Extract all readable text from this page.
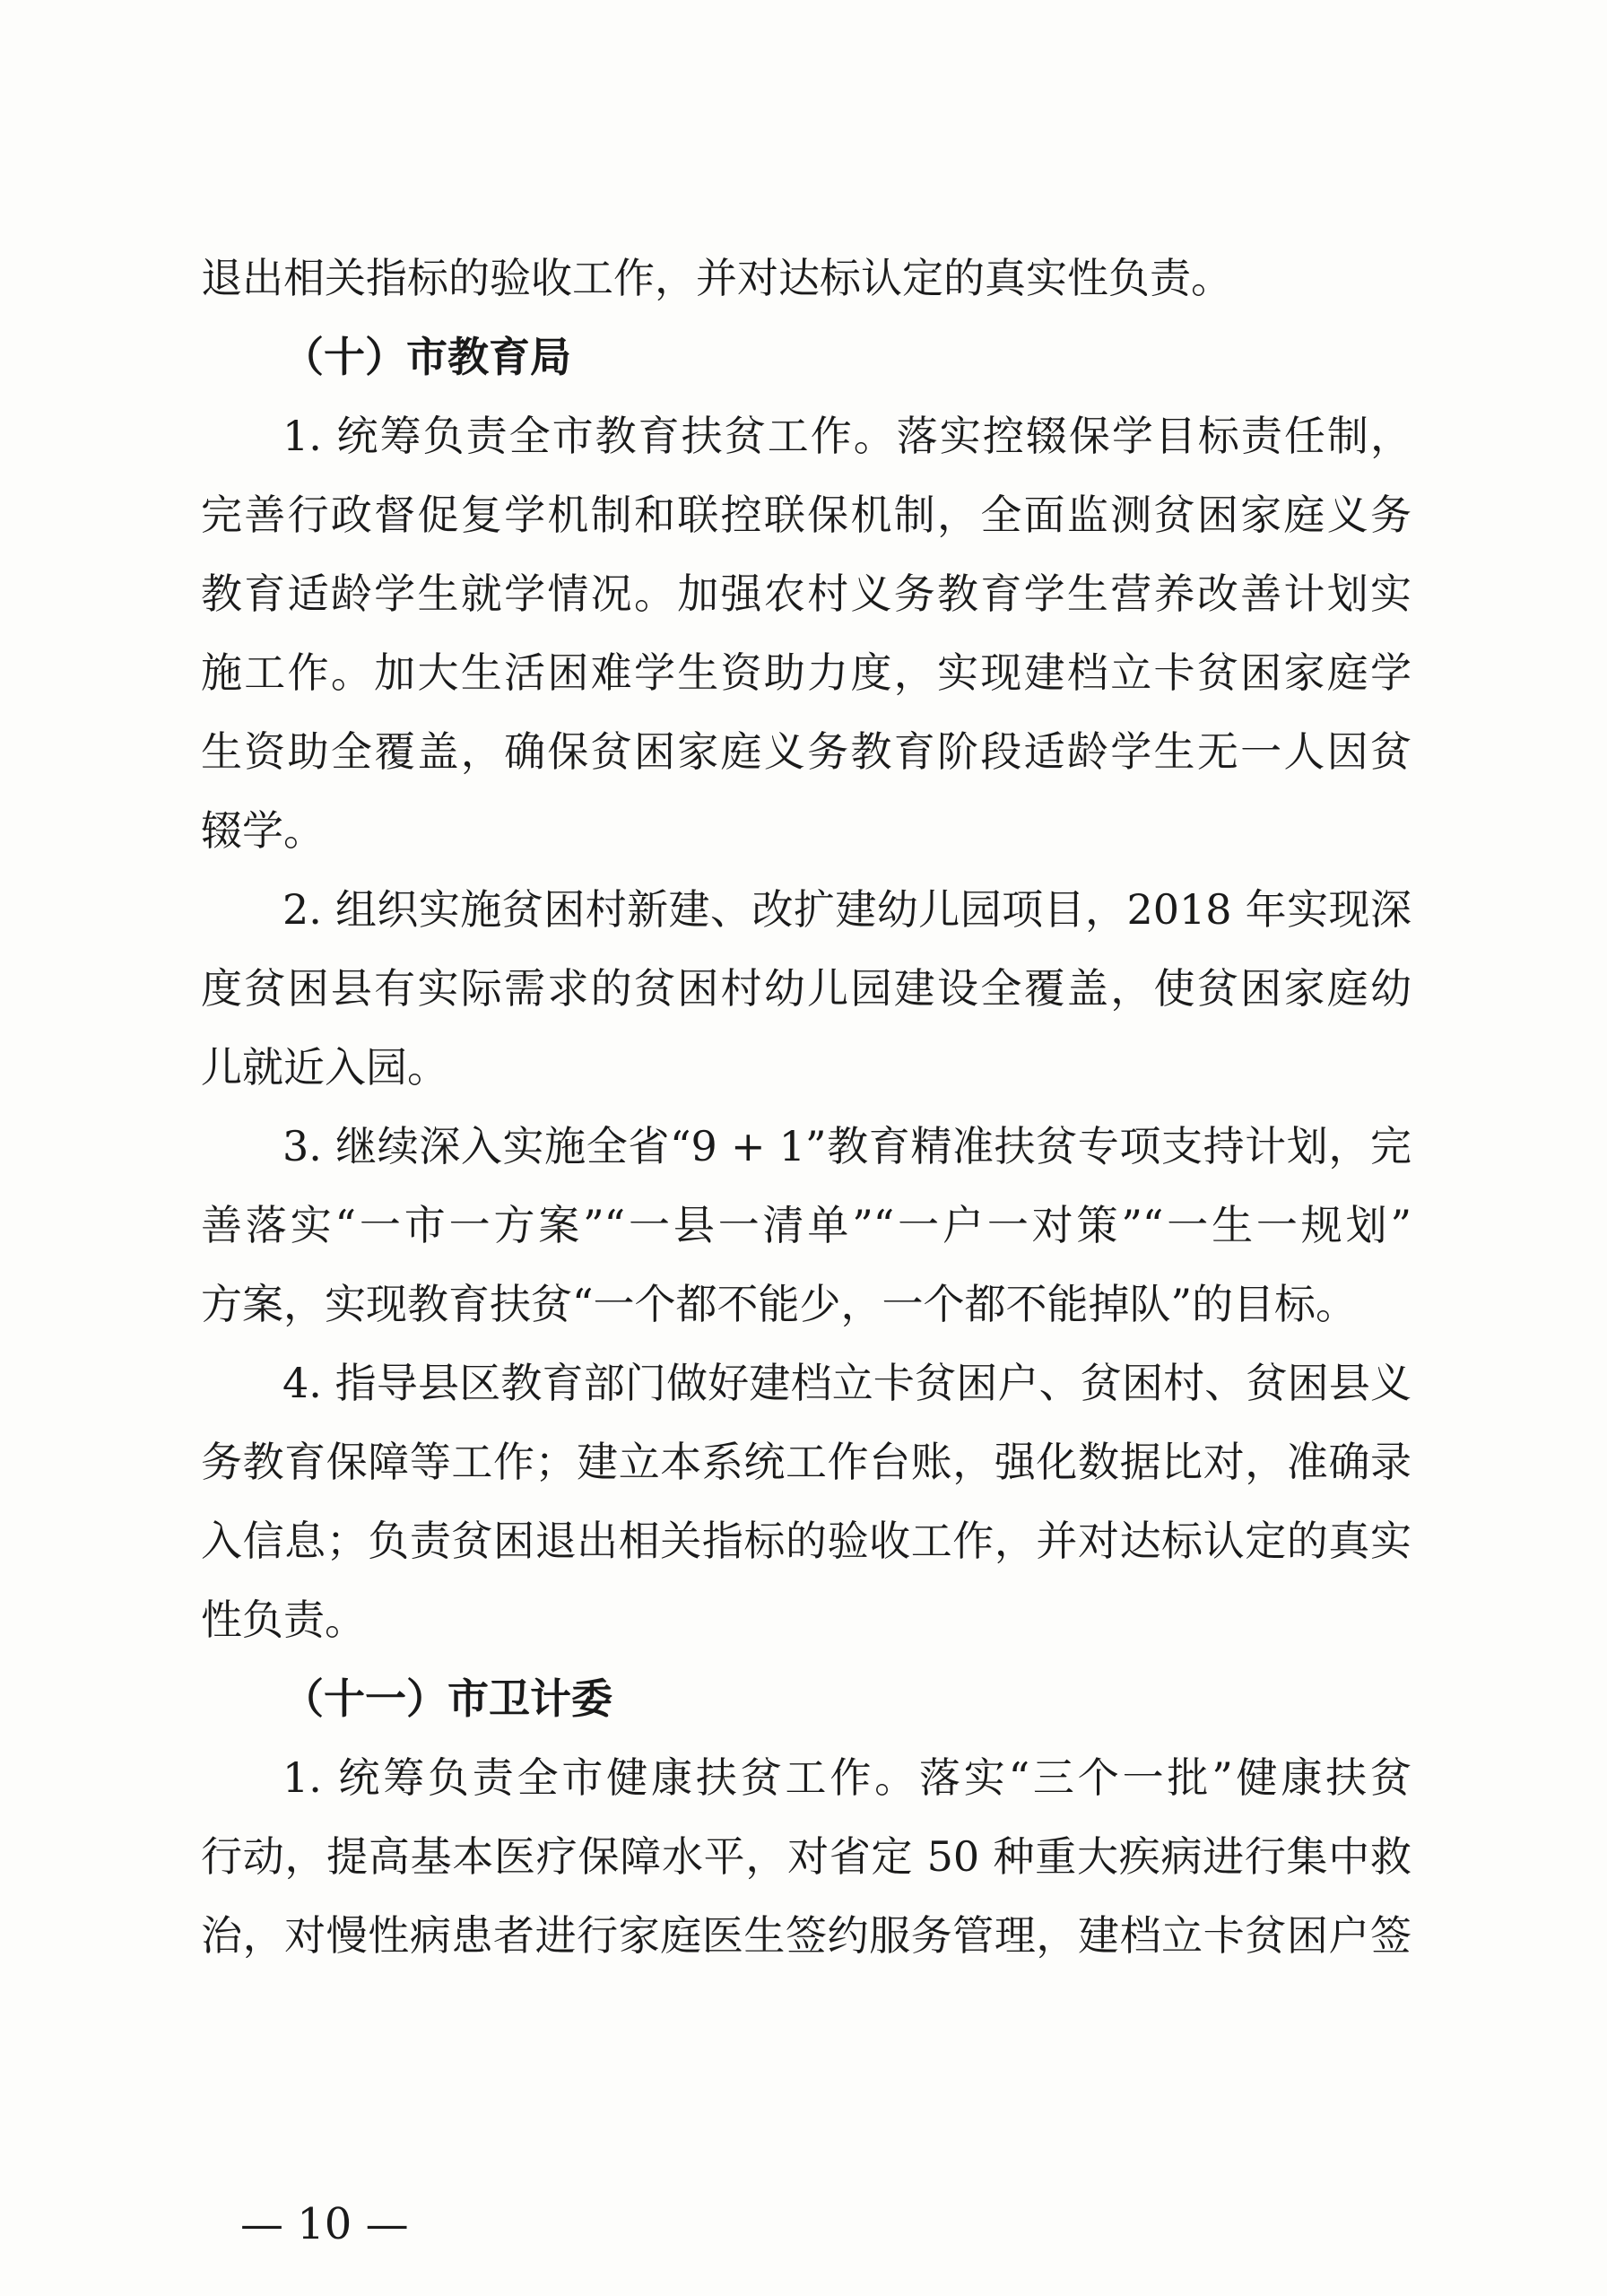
退出相关指标的验收工作，并对达标认定的真实性负责。
（十）市教育局
1. 统筹负责全市教育扶贫工作。落实控辍保学目标责任制，
完善行政督促复学机制和联控联保机制，全面监测贫困家庭义务
教育适龄学生就学情况。加强农村义务教育学生营养改善计划实
施工作。加大生活困难学生资助力度，实现建档立卡贫困家庭学
生资助全覆盖，确保贫困家庭义务教育阶段适龄学生无一人因贫
辍学。
2. 组织实施贫困村新建、改扩建幼儿园项目，2018 年实现深
度贫困县有实际需求的贫困村幼儿园建设全覆盖，使贫困家庭幼
儿就近入园。
3. 继续深入实施全省“9 + 1”教育精准扶贫专项支持计划，完
善落实“一市一方案”“一县一清单”“一户一对策”“一生一规划”
方案，实现教育扶贫“一个都不能少，一个都不能掉队”的目标。
4. 指导县区教育部门做好建档立卡贫困户、贫困村、贫困县义
务教育保障等工作；建立本系统工作台账，强化数据比对，准确录
入信息；负责贫困退出相关指标的验收工作，并对达标认定的真实
性负责。
（十一）市卫计委
1. 统筹负责全市健康扶贫工作。落实“三个一批”健康扶贫
行动，提高基本医疗保障水平，对省定 50 种重大疾病进行集中救
治，对慢性病患者进行家庭医生签约服务管理，建档立卡贫困户签
— 10 —
